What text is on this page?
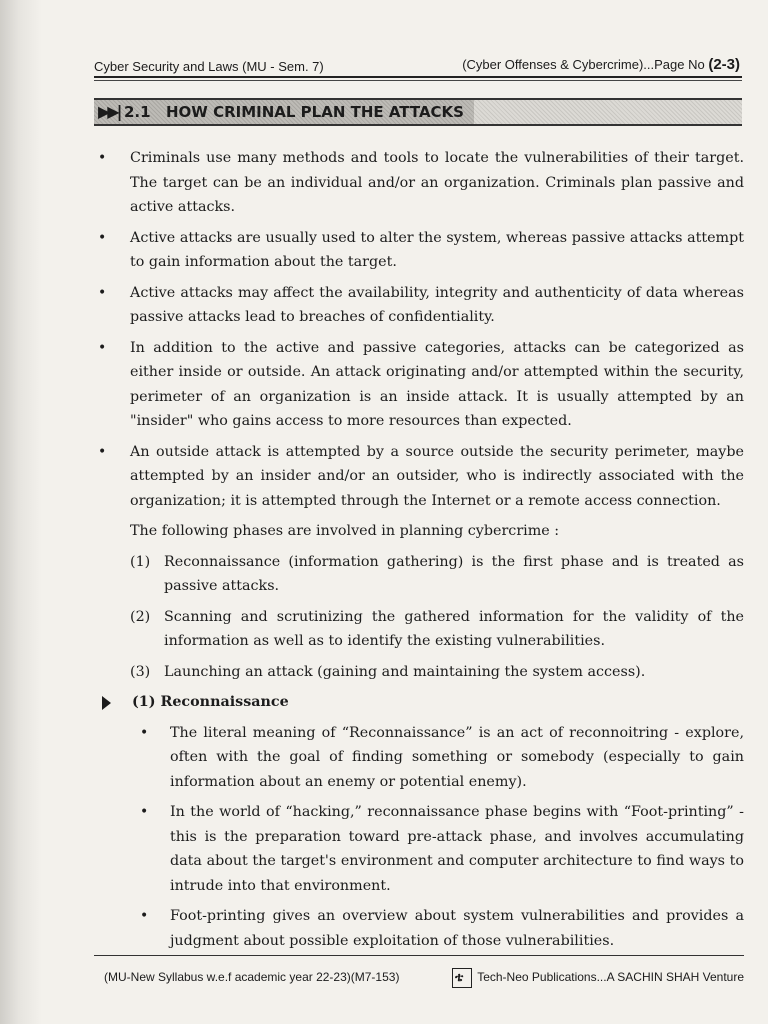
Cyber Security and Laws (MU - Sem. 7)	(Cyber Offenses & Cybercrime)...Page No (2-3)
▶▶| 2.1 HOW CRIMINAL PLAN THE ATTACKS
• Criminals use many methods and tools to locate the vulnerabilities of their target. The target can be an individual and/or an organization. Criminals plan passive and active attacks.
• Active attacks are usually used to alter the system, whereas passive attacks attempt to gain information about the target.
• Active attacks may affect the availability, integrity and authenticity of data whereas passive attacks lead to breaches of confidentiality.
• In addition to the active and passive categories, attacks can be categorized as either inside or outside. An attack originating and/or attempted within the security, perimeter of an organization is an inside attack. It is usually attempted by an "insider" who gains access to more resources than expected.
• An outside attack is attempted by a source outside the security perimeter, maybe attempted by an insider and/or an outsider, who is indirectly associated with the organization; it is attempted through the Internet or a remote access connection.
The following phases are involved in planning cybercrime :
(1) Reconnaissance (information gathering) is the first phase and is treated as passive attacks.
(2) Scanning and scrutinizing the gathered information for the validity of the information as well as to identify the existing vulnerabilities.
(3) Launching an attack (gaining and maintaining the system access).
(1) Reconnaissance
• The literal meaning of “Reconnaissance” is an act of reconnoitring - explore, often with the goal of finding something or somebody (especially to gain information about an enemy or potential enemy).
• In the world of “hacking,” reconnaissance phase begins with “Foot-printing” - this is the preparation toward pre-attack phase, and involves accumulating data about the target's environment and computer architecture to find ways to intrude into that environment.
• Foot-printing gives an overview about system vulnerabilities and provides a judgment about possible exploitation of those vulnerabilities.
(MU-New Syllabus w.e.f academic year 22-23)(M7-153)	ቴ Tech-Neo Publications...A SACHIN SHAH Venture
